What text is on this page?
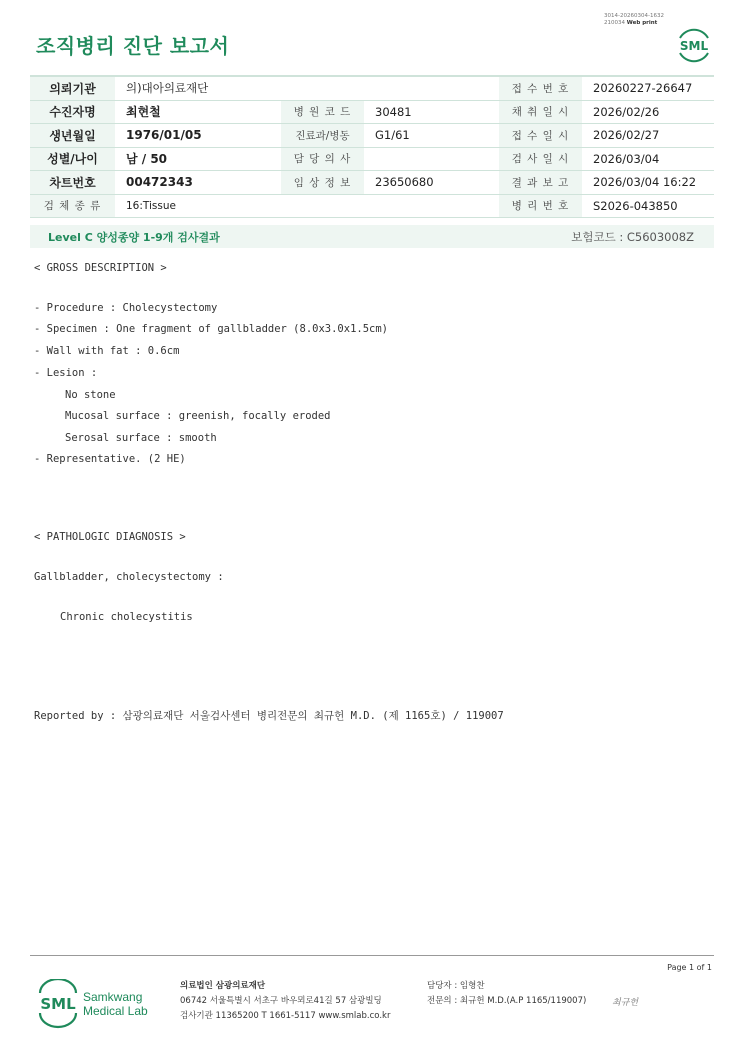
3014-20260304-1632
210034 Web print
조직병리 진단 보고서	SML
의뢰기관	의)대아의료재단			접 수 번 호	20260227-26647
수진자명	최현철	병 원 코 드	30481	채 취 일 시	2026/02/26
생년월일	1976/01/05	진료과/병동	G1/61	접 수 일 시	2026/02/27
성별/나이	남 / 50	담 당 의 사		검 사 일 시	2026/03/04
차트번호	00472343	임 상 정 보	23650680	결 과 보 고	2026/03/04 16:22
검 체 종 류	16:Tissue			병 리 번 호	S2026-043850
Level C 양성종양 1-9개 검사결과	보험코드 : C5603008Z
< GROSS DESCRIPTION >
- Procedure : Cholecystectomy
- Specimen : One fragment of gallbladder (8.0x3.0x1.5cm)
- Wall with fat : 0.6cm
- Lesion :
No stone
Mucosal surface : greenish, focally eroded
Serosal surface : smooth
- Representative. (2 HE)
< PATHOLOGIC DIAGNOSIS >
Gallbladder, cholecystectomy :
Chronic cholecystitis
Reported by : 삼광의료재단 서울검사센터 병리전문의 최규헌 M.D. (제 1165호) / 119007
Page 1 of 1
SML Samkwang
Medical Lab
의료법인 삼광의료재단
06742 서울특별시 서초구 바우뫼로41길 57 삼광빌딩
검사기관 11365200 T 1661-5117 www.smlab.co.kr
담당자 : 임형찬
전문의 : 최규헌 M.D.(A.P 1165/119007)	최규헌
